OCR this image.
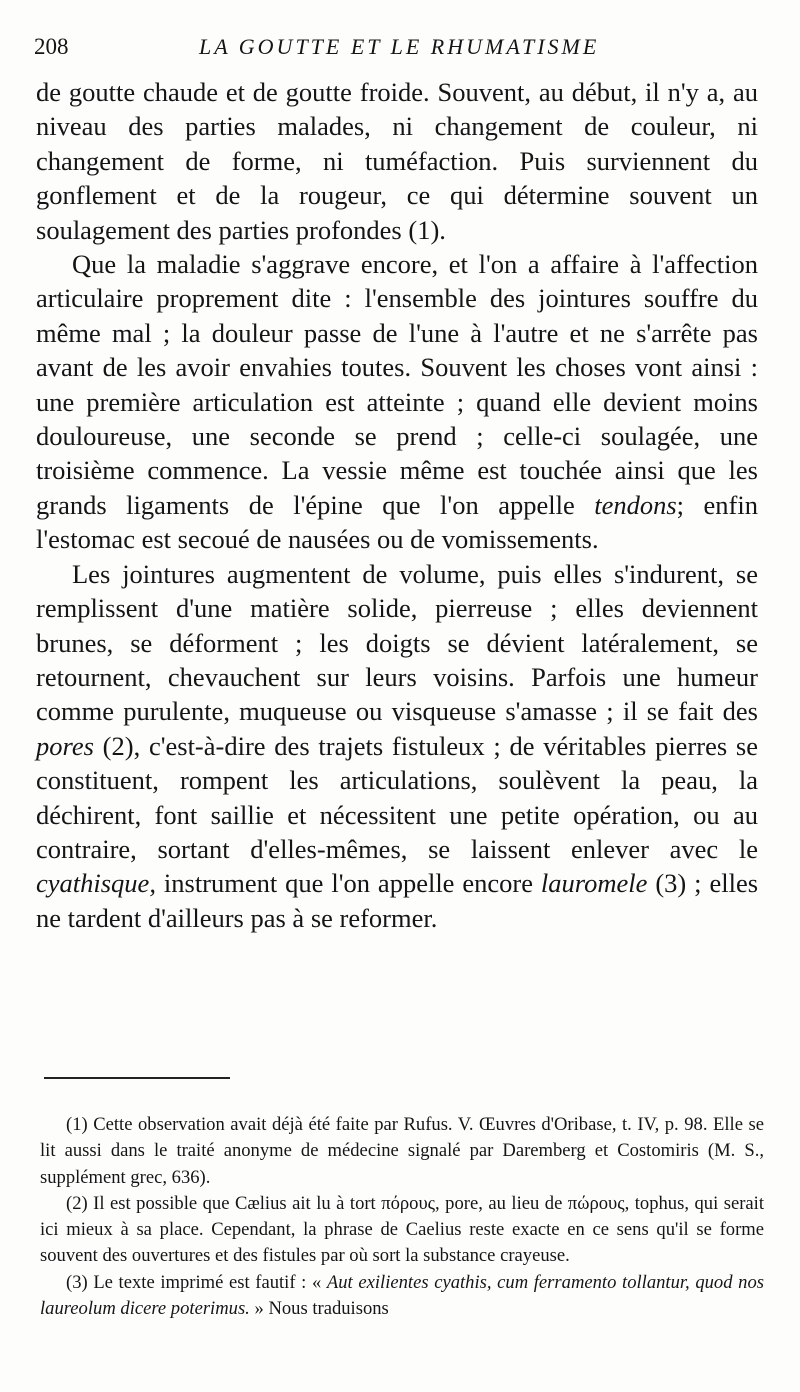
208	LA GOUTTE ET LE RHUMATISME

de goutte chaude et de goutte froide. Souvent, au début, il n'y a, au niveau des parties malades, ni changement de couleur, ni changement de forme, ni tuméfaction. Puis surviennent du gonflement et de la rougeur, ce qui détermine souvent un soulagement des parties profondes (1).

Que la maladie s'aggrave encore, et l'on a affaire à l'affection articulaire proprement dite : l'ensemble des jointures souffre du même mal ; la douleur passe de l'une à l'autre et ne s'arrête pas avant de les avoir envahies toutes. Souvent les choses vont ainsi : une première articulation est atteinte ; quand elle devient moins douloureuse, une seconde se prend ; celle-ci soulagée, une troisième commence. La vessie même est touchée ainsi que les grands ligaments de l'épine que l'on appelle tendons; enfin l'estomac est secoué de nausées ou de vomissements.

Les jointures augmentent de volume, puis elles s'indurent, se remplissent d'une matière solide, pierreuse ; elles deviennent brunes, se déforment ; les doigts se dévient latéralement, se retournent, chevauchent sur leurs voisins. Parfois une humeur comme purulente, muqueuse ou visqueuse s'amasse ; il se fait des pores (2), c'est-à-dire des trajets fistuleux ; de véritables pierres se constituent, rompent les articulations, soulèvent la peau, la déchirent, font saillie et nécessitent une petite opération, ou au contraire, sortant d'elles-mêmes, se laissent enlever avec le cyathisque, instrument que l'on appelle encore lauromele (3) ; elles ne tardent d'ailleurs pas à se reformer.

(1) Cette observation avait déjà été faite par Rufus. V. Œuvres d'Oribase, t. IV, p. 98. Elle se lit aussi dans le traité anonyme de médecine signalé par Daremberg et Costomiris (M. S., supplément grec, 636).

(2) Il est possible que Cælius ait lu à tort πόρους, pore, au lieu de πώρους, tophus, qui serait ici mieux à sa place. Cependant, la phrase de Caelius reste exacte en ce sens qu'il se forme souvent des ouvertures et des fistules par où sort la substance crayeuse.

(3) Le texte imprimé est fautif : « Aut exilientes cyathis, cum ferramento tollantur, quod nos laureolum dicere poterimus. » Nous traduisons
